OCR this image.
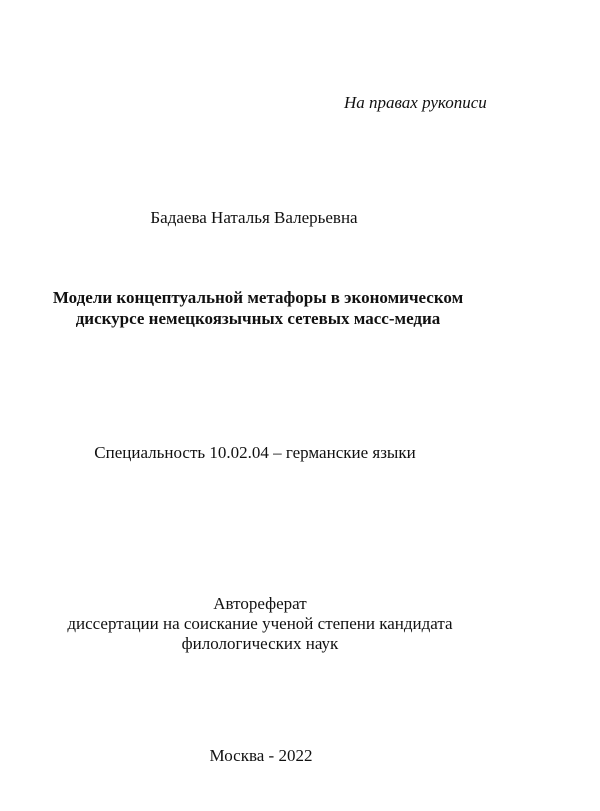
На правах рукописи
Бадаева Наталья Валерьевна
Модели концептуальной метафоры в экономическом
дискурсе немецкоязычных сетевых масс-медиа
Специальность 10.02.04 – германские языки
Автореферат
диссертации на соискание ученой степени кандидата
филологических наук
Москва - 2022
